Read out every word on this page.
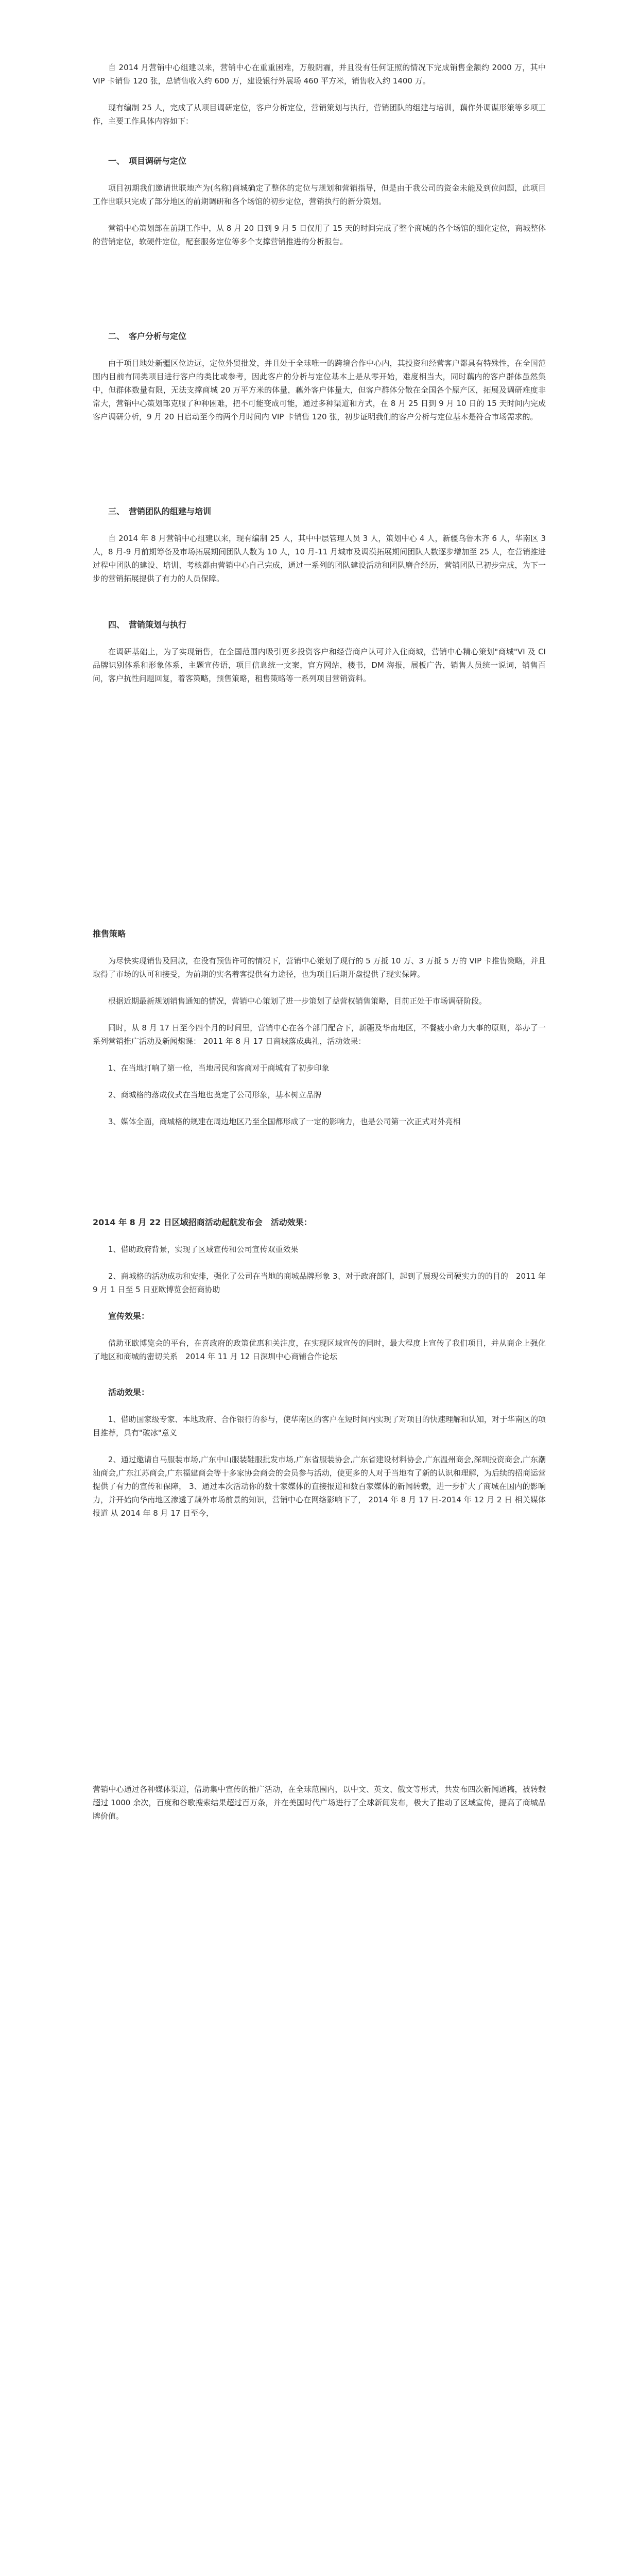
自 2014 月营销中心组建以来，营销中心在重重困难，万般阴霾，并且没有任何证照的情况下完成销售金额约 2000 万，其中 VIP 卡销售 120 张，总销售收入约 600 万，建设银行外展场 460 平方米，销售收入约 1400 万。

现有编制 25 人，完成了从项目调研定位，客户分析定位，营销策划与执行，营销团队的组建与培训，藕作外调谋形策等多项工作，主要工作具体内容如下：

一、　项目调研与定位

项目初期我们邀请世联地产为(名称)商城确定了整体的定位与规划和营销指导，但是由于我公司的资金未能及到位问题，此项目工作世联只完成了部分地区的前期调研和各个场馆的初步定位，营销执行的新分策划。

营销中心策划部在前期工作中，从 8 月 20 日到 9 月 5 日仅用了 15 天的时间完成了整个商城的各个场馆的细化定位，商城整体的营销定位，软硬件定位，配套服务定位等多个支撑营销推进的分析报告。

二、　客户分析与定位

由于项目地处新疆区位边远，定位外贸批发，并且处于全球唯一的跨境合作中心内，其投资和经营客户都具有特殊性，在全国范围内目前有同类项目进行客户的类比或参考，因此客户的分析与定位基本上是从零开始，难度相当大，同时藕内的客户群体虽然集中，但群体数量有限，无法支撑商城 20 万平方米的体量，藕外客户体量大，但客户群体分散在全国各个原产区，拓展及调研难度非常大，营销中心策划部克服了种种困难，把不可能变成可能，通过多种渠道和方式，在 8 月 25 日到 9 月 10 日的 15 天时间内完成客户调研分析，9 月 20 日启动至今的两个月时间内 VIP 卡销售 120 张，初步证明我们的客户分析与定位基本是符合市场需求的。

三、　营销团队的组建与培训

自 2014 年 8 月营销中心组建以来，现有编制 25 人，其中中层管理人员 3 人，策划中心 4 人，新疆乌鲁木齐 6 人，华南区 3 人，8 月-9 月前期筹备及市场拓展期间团队人数为 10 人，10 月-11 月城市及调漠拓展期间团队人数逐步增加至 25 人，在营销推进过程中团队的建设、培训、考核都由营销中心自己完成，通过一系列的团队建设活动和团队磨合经历，营销团队已初步完成，为下一步的营销拓展提供了有力的人员保障。

四、　营销策划与执行

在调研基础上，为了实现销售，在全国范围内吸引更多投资客户和经营商户认可并入住商城，营销中心精心策划"商城"VI 及 CI 品牌识别体系和形象体系，主题宣传语，项目信息统一文案，官方网站，楼书，DM 海报，展板广告，销售人员统一说词，销售百问，客户抗性问题回复，着客策略，预售策略，租售策略等一系列项目营销资料。

推售策略

为尽快实现销售及回款，在没有预售许可的情况下，营销中心策划了现行的 5 万抵 10 万、3 万抵 5 万的 VIP 卡推售策略，并且取得了市场的认可和接受，为前期的实名着客提供有力途径，也为项目后期开盘提供了现实保障。

根据近期最新规划销售通知的情况，营销中心策划了进一步策划了益营权销售策略，目前正处于市场调研阶段。

同时，从 8 月 17 日至今四个月的时间里，营销中心在各个部门配合下，新疆及华南地区，不餐疲小命力大事的原则，举办了一系列营销推广活动及新闻炮课： 2011 年 8 月 17 日商城落成典礼，活动效果：

1、在当地打响了第一枪，当地居民和客商对于商城有了初步印象

2、商城格的落成仪式在当地也奠定了公司形象，基本树立品牌

3、媒体全面，商城格的规建在周边地区乃至全国都形成了一定的影响力，也是公司第一次正式对外亮相

2014 年 8 月 22 日区域招商活动起航发布会　活动效果：

1、借助政府背景，实现了区域宣传和公司宣传双重效果

2、商城格的活动成功和安排，强化了公司在当地的商城品牌形象 3、对于政府部门，起到了展现公司硬实力的的目的　2011 年 9 月 1 日至 5 日亚欧博览会招商协助

宣传效果：

借助亚欧博览会的平台，在喜政府的政策优惠和关注度，在实现区域宣传的同时，最大程度上宣传了我们项目，并从商企上强化了地区和商城的密切关系　2014 年 11 月 12 日深圳中心商铺合作论坛

活动效果：

1、借助国家级专家、本地政府、合作银行的参与，使华南区的客户在短时间内实现了对项目的快速理解和认知，对于华南区的项目推荐，具有"破冰"意义

2、通过邀请自马服装市场,广东中山服装鞋服批发市场,广东省服装协会,广东省建设材料协会,广东温州商会,深圳投资商会,广东潮汕商会,广东江苏商会,广东福建商会等十多家协会商会的会员参与活动，使更多的人对于当地有了新的认识和理解，为后续的招商运营提供了有力的宣传和保障， 3、通过本次活动你的数十家媒体的直接报道和数百家媒体的新闻转载，进一步扩大了商城在国内的影响力，并开始向华南地区渗透了藕外市场前景的知识，营销中心在网络影响下了， 2014 年 8 月 17 日-2014 年 12 月 2 日 相关媒体报道 从 2014 年 8 月 17 日至今，

营销中心通过各种媒体渠道，借助集中宣传的推广活动，在全球范围内，以中文、英文、俄文等形式，共发布四次新闻通稿，被转载超过 1000 余次，百度和谷歌搜索结果超过百万条，并在美国时代广场进行了全球新闻发布，极大了推动了区域宣传，提高了商城品牌价值。
